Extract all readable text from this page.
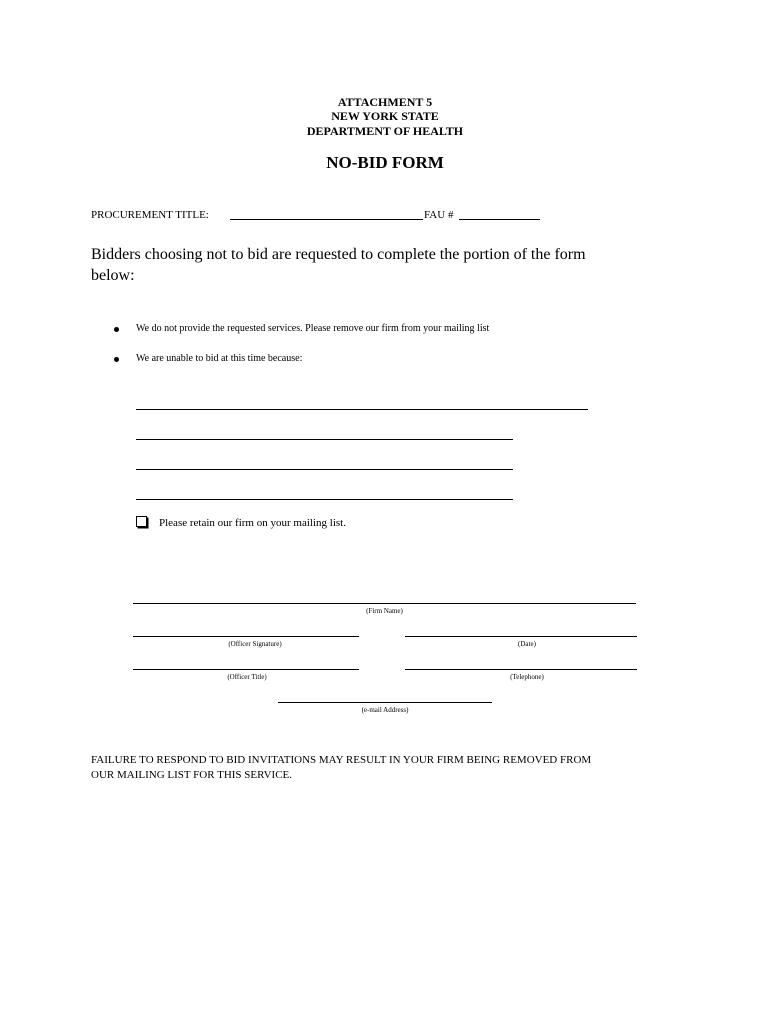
ATTACHMENT 5
NEW YORK STATE
DEPARTMENT OF HEALTH
NO-BID FORM
PROCUREMENT TITLE:	FAU #
Bidders choosing not to bid are requested to complete the portion of the form
below:
We do not provide the requested services. Please remove our firm from your mailing list
We are unable to bid at this time because:
Please retain our firm on your mailing list.
(Firm Name)
(Officer Signature)	(Date)
(Officer Title)	(Telephone)
(e-mail Address)
FAILURE TO RESPOND TO BID INVITATIONS MAY RESULT IN YOUR FIRM BEING REMOVED FROM
OUR MAILING LIST FOR THIS SERVICE.
